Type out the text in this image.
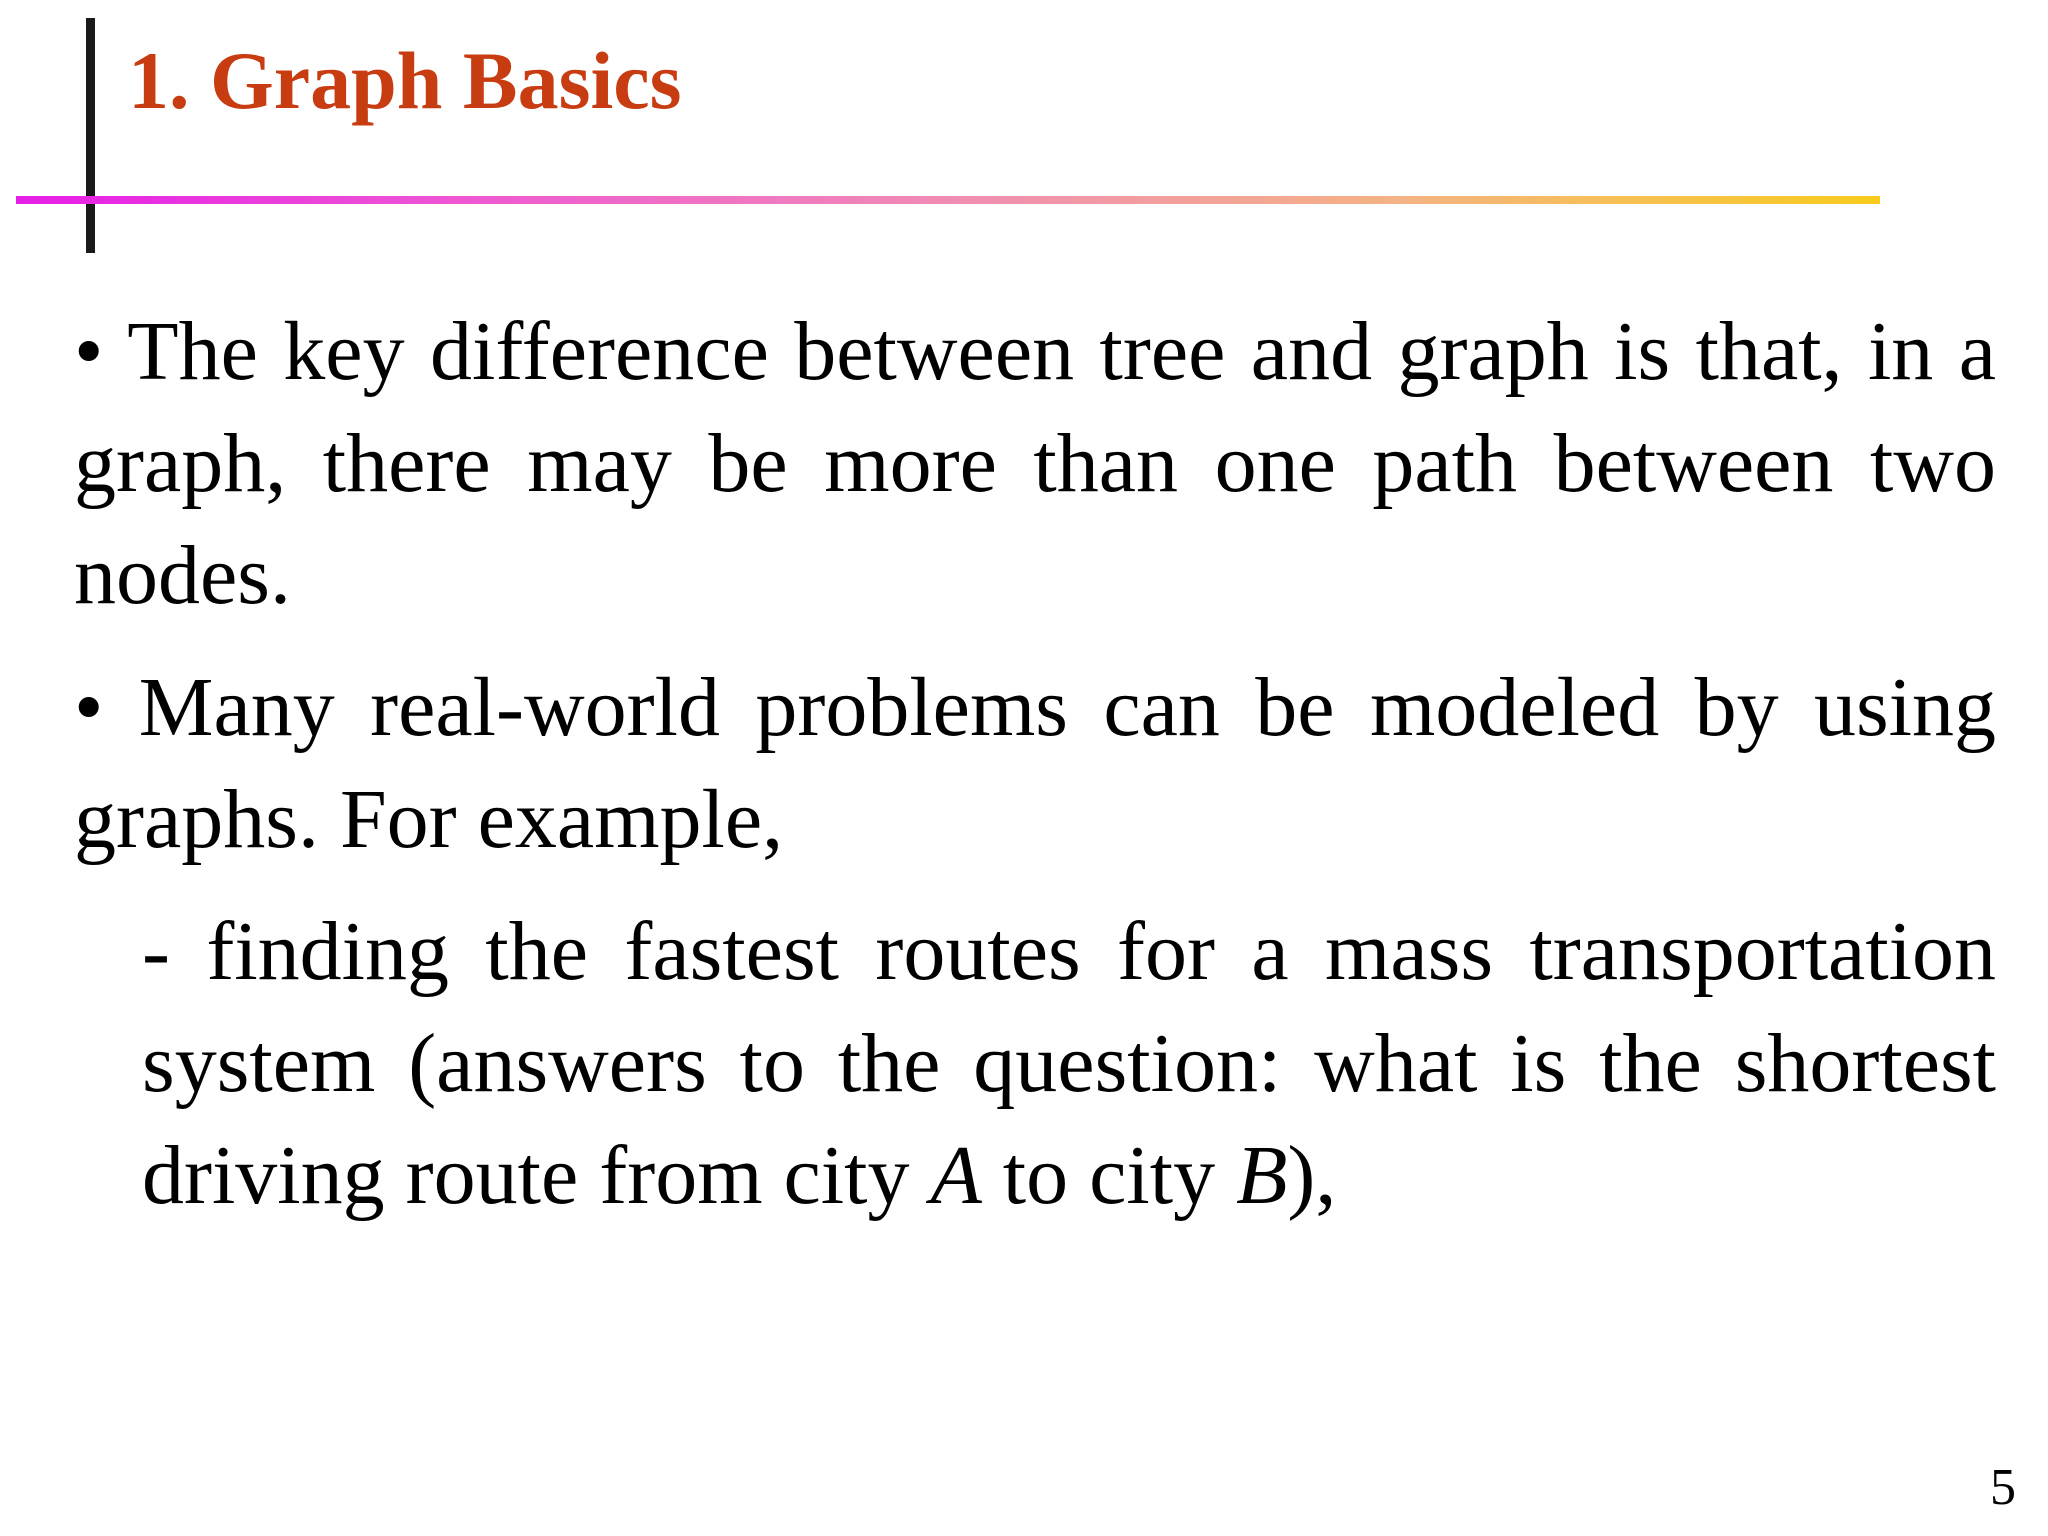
1. Graph Basics

• The key difference between tree and graph is that, in a graph, there may be more than one path between two nodes.

• Many real-world problems can be modeled by using graphs. For example,

- finding the fastest routes for a mass transportation system (answers to the question: what is the shortest driving route from city A to city B),

5
